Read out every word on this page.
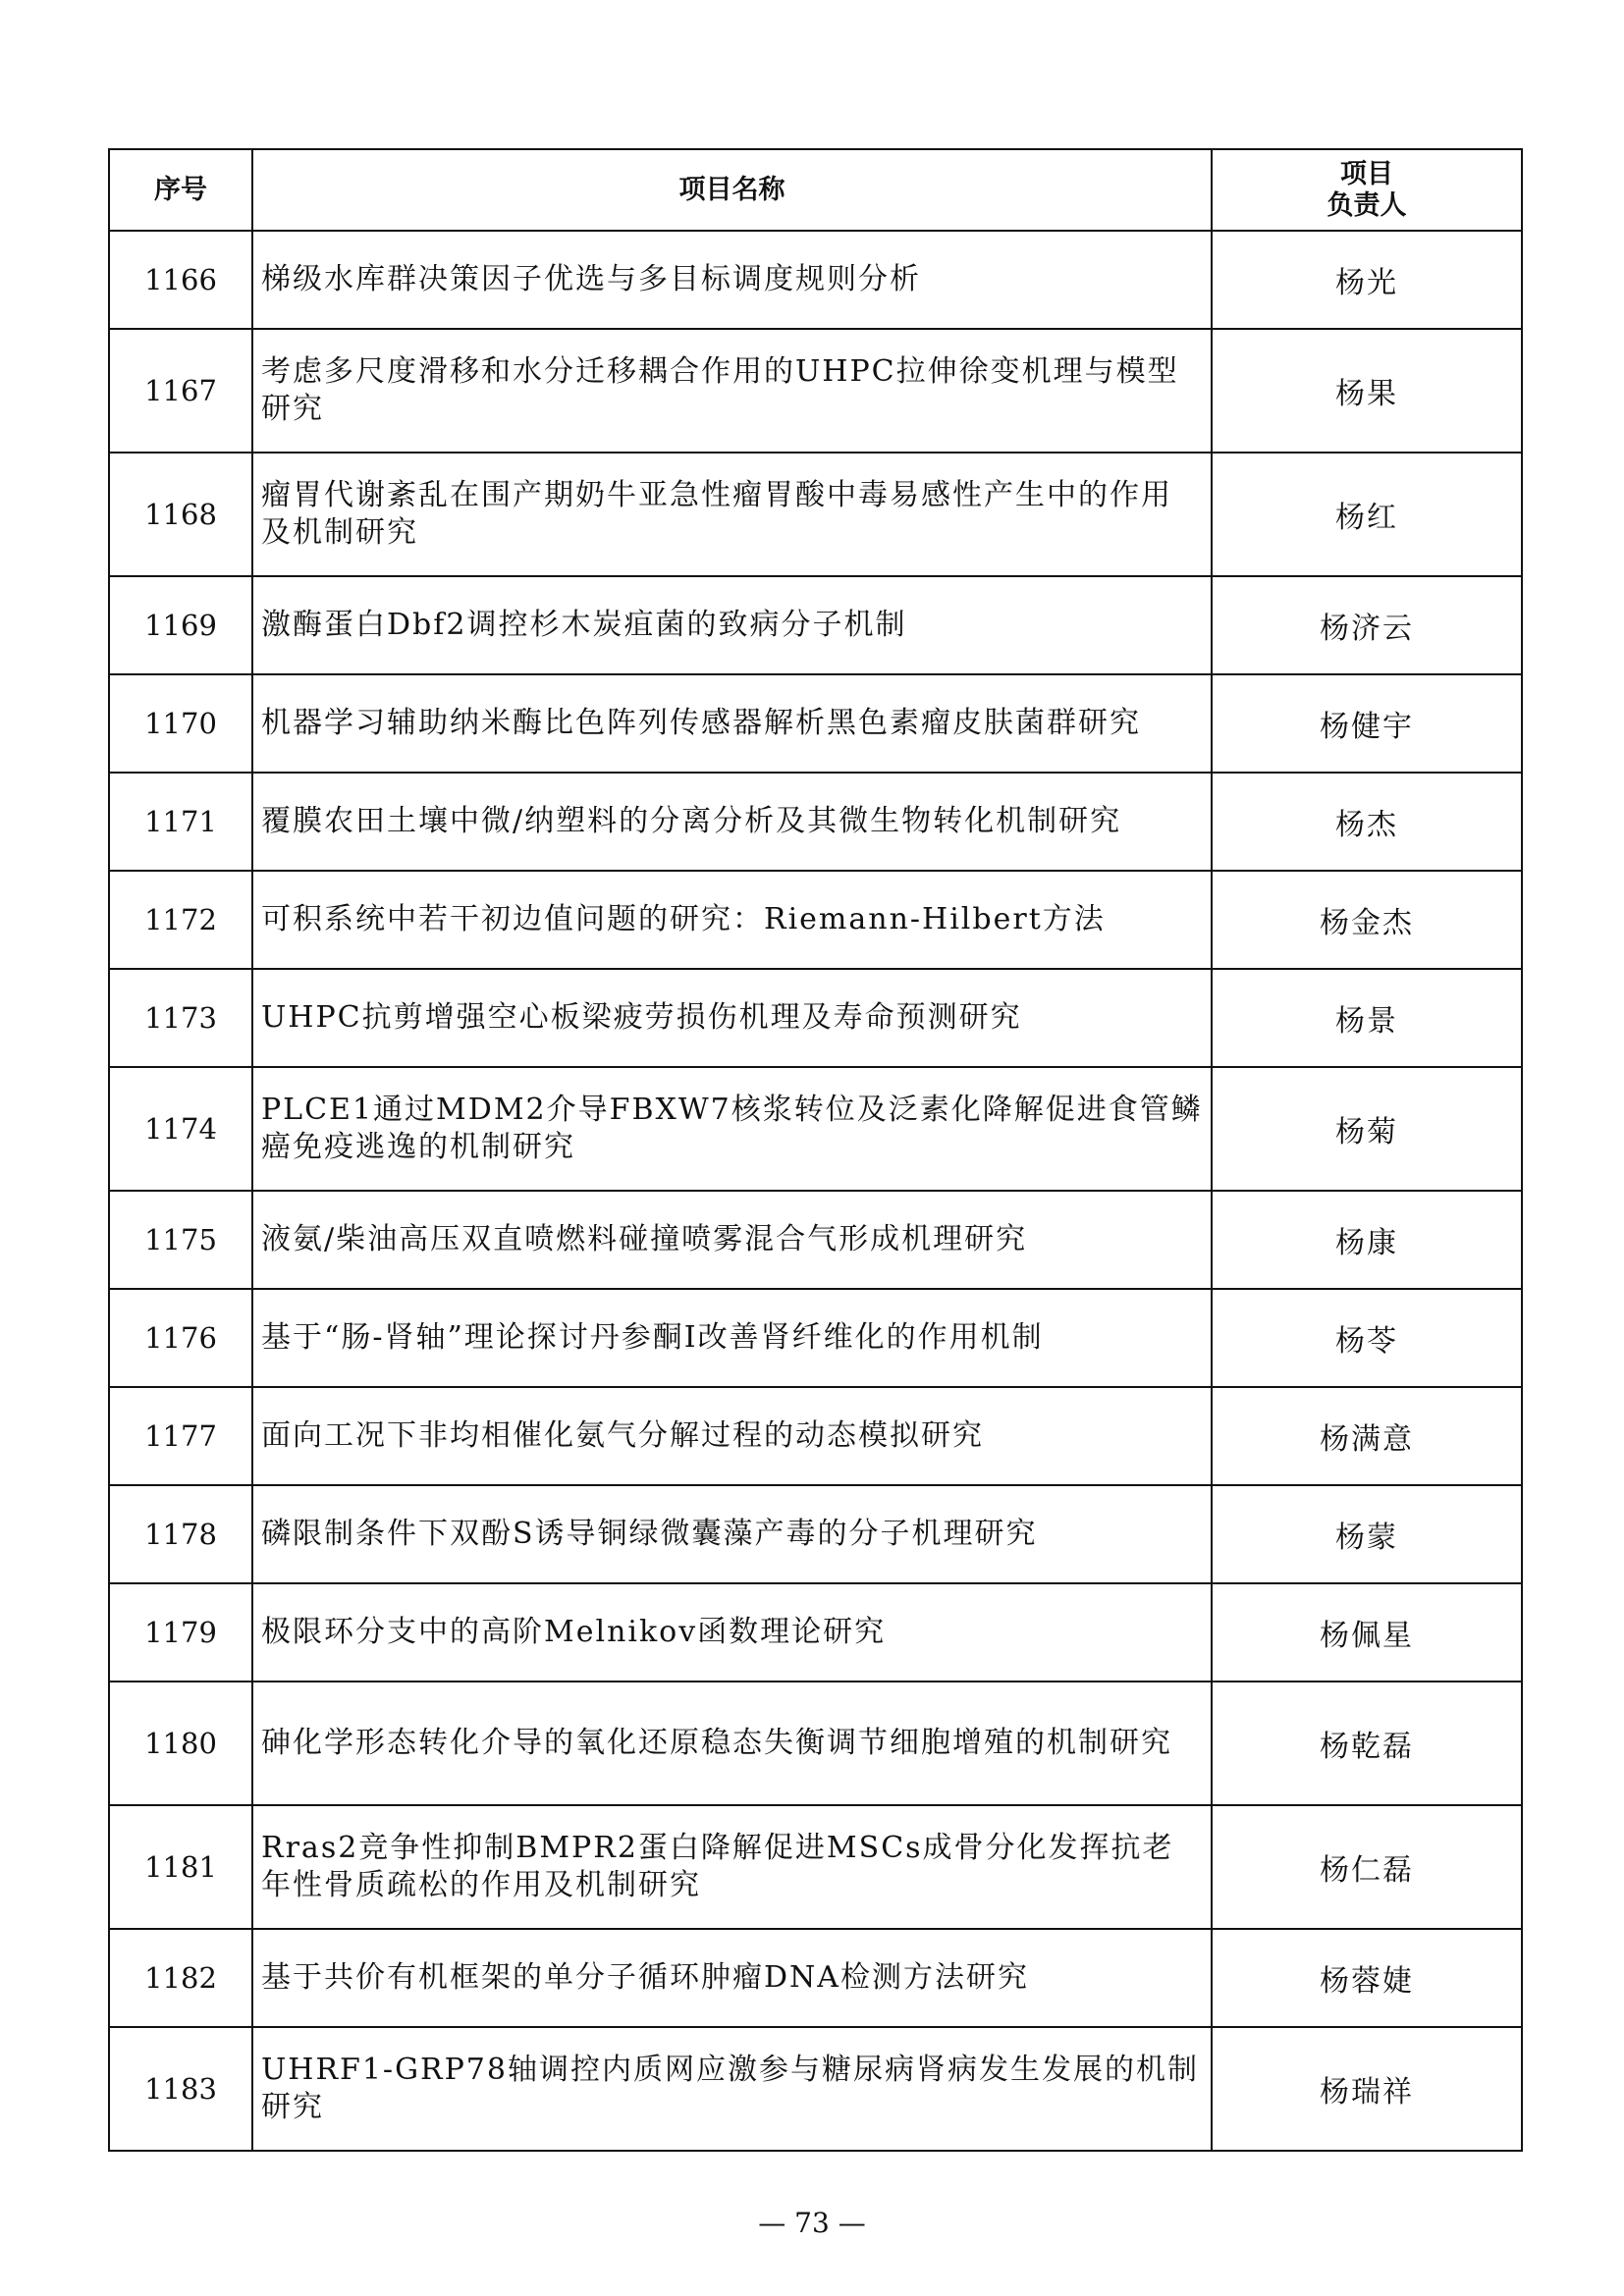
序号	项目名称	项目
负责人

1166	梯级水库群决策因子优选与多目标调度规则分析	杨光
1167	考虑多尺度滑移和水分迁移耦合作用的UHPC拉伸徐变机理与模型研究	杨果
1168	瘤胃代谢紊乱在围产期奶牛亚急性瘤胃酸中毒易感性产生中的作用及机制研究	杨红
1169	激酶蛋白Dbf2调控杉木炭疽菌的致病分子机制	杨济云
1170	机器学习辅助纳米酶比色阵列传感器解析黑色素瘤皮肤菌群研究	杨健宇
1171	覆膜农田土壤中微/纳塑料的分离分析及其微生物转化机制研究	杨杰
1172	可积系统中若干初边值问题的研究：Riemann-Hilbert方法	杨金杰
1173	UHPC抗剪增强空心板梁疲劳损伤机理及寿命预测研究	杨景
1174	PLCE1通过MDM2介导FBXW7核浆转位及泛素化降解促进食管鳞癌免疫逃逸的机制研究	杨菊
1175	液氨/柴油高压双直喷燃料碰撞喷雾混合气形成机理研究	杨康
1176	基于“肠-肾轴”理论探讨丹参酮I改善肾纤维化的作用机制	杨苓
1177	面向工况下非均相催化氨气分解过程的动态模拟研究	杨满意
1178	磷限制条件下双酚S诱导铜绿微囊藻产毒的分子机理研究	杨蒙
1179	极限环分支中的高阶Melnikov函数理论研究	杨佩星
1180	砷化学形态转化介导的氧化还原稳态失衡调节细胞增殖的机制研究	杨乾磊
1181	Rras2竞争性抑制BMPR2蛋白降解促进MSCs成骨分化发挥抗老年性骨质疏松的作用及机制研究	杨仁磊
1182	基于共价有机框架的单分子循环肿瘤DNA检测方法研究	杨蓉婕
1183	UHRF1-GRP78轴调控内质网应激参与糖尿病肾病发生发展的机制研究	杨瑞祥
— 73 —
